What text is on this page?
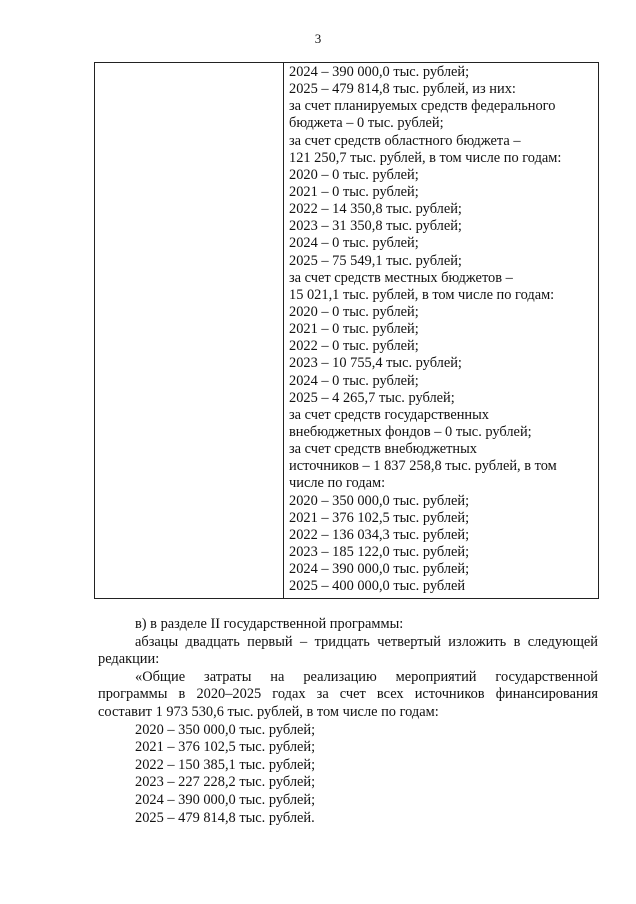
3
2024 – 390 000,0 тыс. рублей;
2025 – 479 814,8 тыс. рублей, из них:
за счет планируемых средств федерального
бюджета – 0 тыс. рублей;
за счет средств областного бюджета –
121 250,7 тыс. рублей, в том числе по годам:
2020 – 0 тыс. рублей;
2021 – 0 тыс. рублей;
2022 – 14 350,8 тыс. рублей;
2023 – 31 350,8 тыс. рублей;
2024 – 0 тыс. рублей;
2025 – 75 549,1 тыс. рублей;
за счет средств местных бюджетов –
15 021,1 тыс. рублей, в том числе по годам:
2020 – 0 тыс. рублей;
2021 – 0 тыс. рублей;
2022 – 0 тыс. рублей;
2023 – 10 755,4 тыс. рублей;
2024 – 0 тыс. рублей;
2025 – 4 265,7 тыс. рублей;
за счет средств государственных
внебюджетных фондов – 0 тыс. рублей;
за счет средств внебюджетных
источников – 1 837 258,8 тыс. рублей, в том
числе по годам:
2020 – 350 000,0 тыс. рублей;
2021 – 376 102,5 тыс. рублей;
2022 – 136 034,3 тыс. рублей;
2023 – 185 122,0 тыс. рублей;
2024 – 390 000,0 тыс. рублей;
2025 – 400 000,0 тыс. рублей
в) в разделе II государственной программы:
абзацы двадцать первый – тридцать четвертый изложить в следующей
редакции:
«Общие затраты на реализацию мероприятий государственной
программы в 2020–2025 годах за счет всех источников финансирования
составит 1 973 530,6 тыс. рублей, в том числе по годам:
2020 – 350 000,0 тыс. рублей;
2021 – 376 102,5 тыс. рублей;
2022 – 150 385,1 тыс. рублей;
2023 – 227 228,2 тыс. рублей;
2024 – 390 000,0 тыс. рублей;
2025 – 479 814,8 тыс. рублей.
